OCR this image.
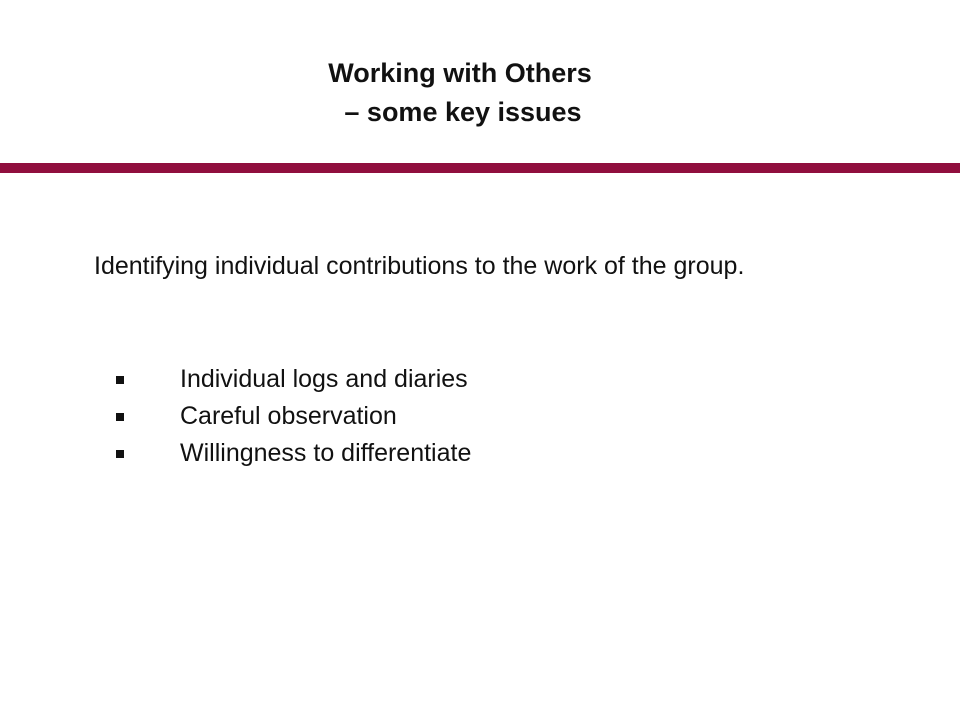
Working with Others
– some key issues
Identifying individual contributions to the work of the group.
Individual logs and diaries
Careful observation
Willingness to differentiate
